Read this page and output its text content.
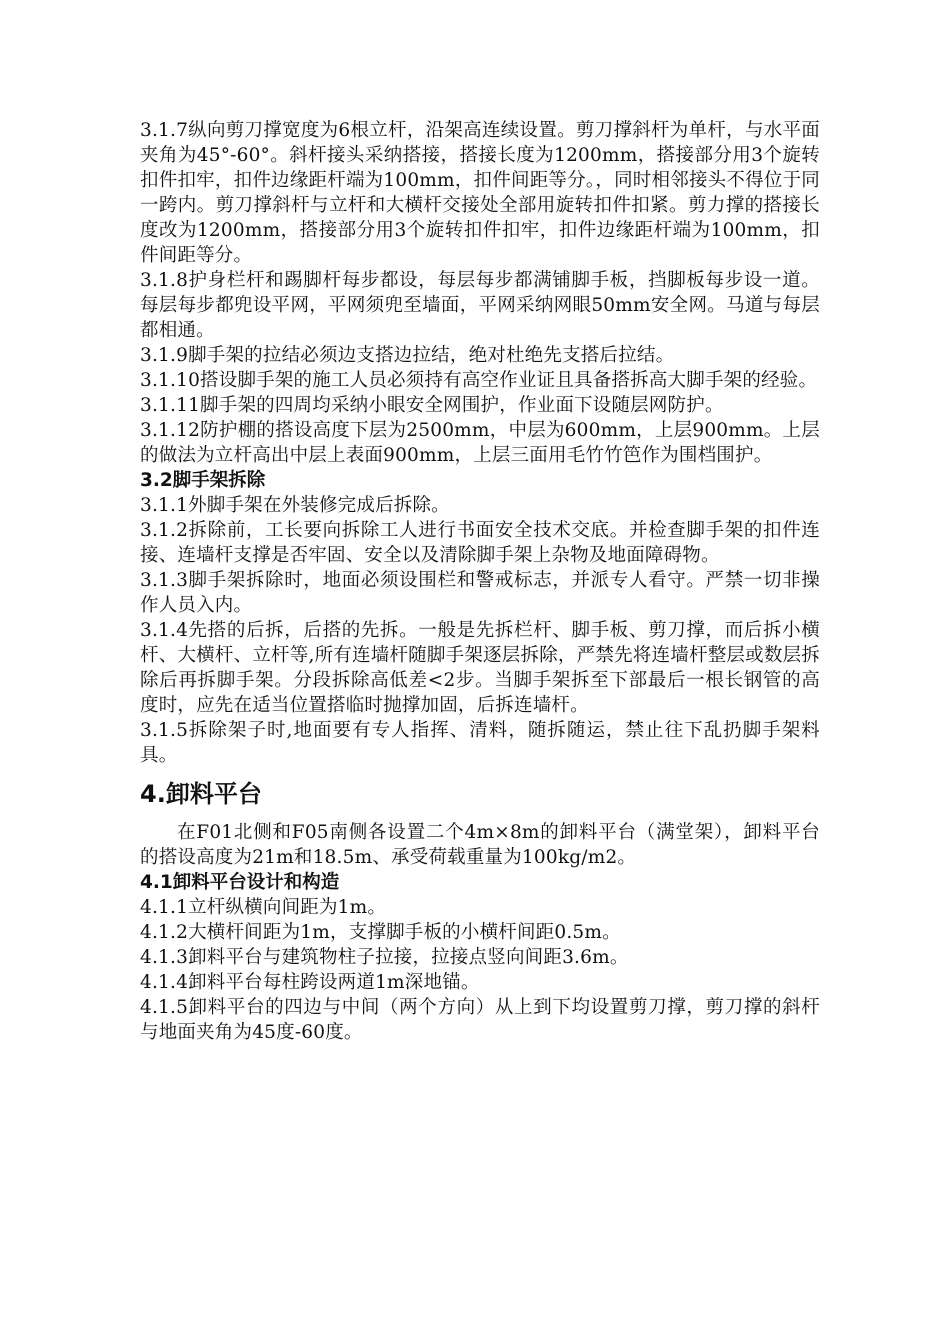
3.1.7纵向剪刀撑宽度为6根立杆，沿架高连续设置。剪刀撑斜杆为单杆，与水平面夹角为45°-60°。斜杆接头采纳搭接，搭接长度为1200mm，搭接部分用3个旋转扣件扣牢，扣件边缘距杆端为100mm，扣件间距等分。，同时相邻接头不得位于同一跨内。剪刀撑斜杆与立杆和大横杆交接处全部用旋转扣件扣紧。剪力撑的搭接长度改为1200mm，搭接部分用3个旋转扣件扣牢，扣件边缘距杆端为100mm，扣件间距等分。

3.1.8护身栏杆和踢脚杆每步都设，每层每步都满铺脚手板，挡脚板每步设一道。每层每步都兜设平网，平网须兜至墙面，平网采纳网眼50mm安全网。马道与每层都相通。

3.1.9脚手架的拉结必须边支搭边拉结，绝对杜绝先支搭后拉结。

3.1.10搭设脚手架的施工人员必须持有高空作业证且具备搭拆高大脚手架的经验。

3.1.11脚手架的四周均采纳小眼安全网围护，作业面下设随层网防护。

3.1.12防护棚的搭设高度下层为2500mm，中层为600mm，上层900mm。上层的做法为立杆高出中层上表面900mm，上层三面用毛竹竹笆作为围档围护。

3.2脚手架拆除

3.1.1外脚手架在外装修完成后拆除。

3.1.2拆除前，工长要向拆除工人进行书面安全技术交底。并检查脚手架的扣件连接、连墙杆支撑是否牢固、安全以及清除脚手架上杂物及地面障碍物。

3.1.3脚手架拆除时，地面必须设围栏和警戒标志，并派专人看守。严禁一切非操作人员入内。

3.1.4先搭的后拆，后搭的先拆。一般是先拆栏杆、脚手板、剪刀撑，而后拆小横杆、大横杆、立杆等,所有连墙杆随脚手架逐层拆除，严禁先将连墙杆整层或数层拆除后再拆脚手架。分段拆除高低差<2步。当脚手架拆至下部最后一根长钢管的高度时，应先在适当位置搭临时抛撑加固，后拆连墙杆。

3.1.5拆除架子时,地面要有专人指挥、清料，随拆随运，禁止往下乱扔脚手架料具。

4.卸料平台

在F01北侧和F05南侧各设置二个4m×8m的卸料平台（满堂架），卸料平台的搭设高度为21m和18.5m、承受荷载重量为100kg/m2。

4.1卸料平台设计和构造

4.1.1立杆纵横向间距为1m。

4.1.2大横杆间距为1m，支撑脚手板的小横杆间距0.5m。

4.1.3卸料平台与建筑物柱子拉接，拉接点竖向间距3.6m。

4.1.4卸料平台每柱跨设两道1m深地锚。

4.1.5卸料平台的四边与中间（两个方向）从上到下均设置剪刀撑，剪刀撑的斜杆与地面夹角为45度-60度。
